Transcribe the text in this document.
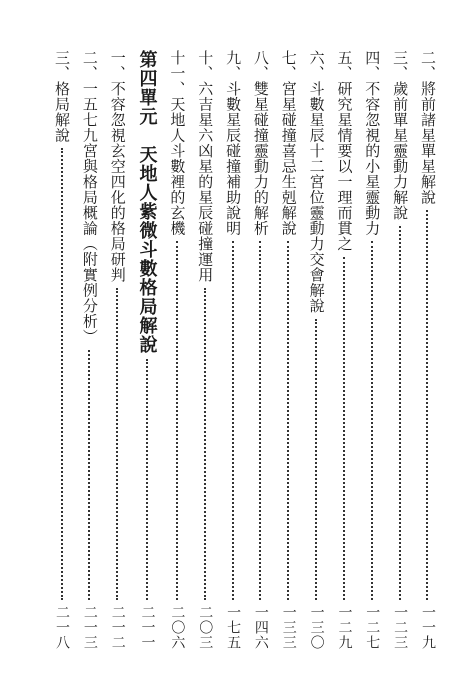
二、將前諸星單星解說
一一九
三、歲前單星靈動力解說
一二三
四、不容忽視的小星靈動力
一二七
五、研究星情要以一理而貫之
一二九
六、斗數星辰十二宮位靈動力交會解說
一三〇
七、宮星碰撞喜忌生剋解說
一三三
八、雙星碰撞靈動力的解析
一四六
九、斗數星辰碰撞補助說明
一七五
十、六吉星六凶星的星辰碰撞運用
二〇三
十一、天地人斗數裡的玄機
二〇六
第四單元　天地人紫微斗數格局解說
二一一
一、不容忽視玄空四化的格局研判
二一二
二、一五七九宮與格局概論（附實例分析）
二一三
三、格局解說
二一八
